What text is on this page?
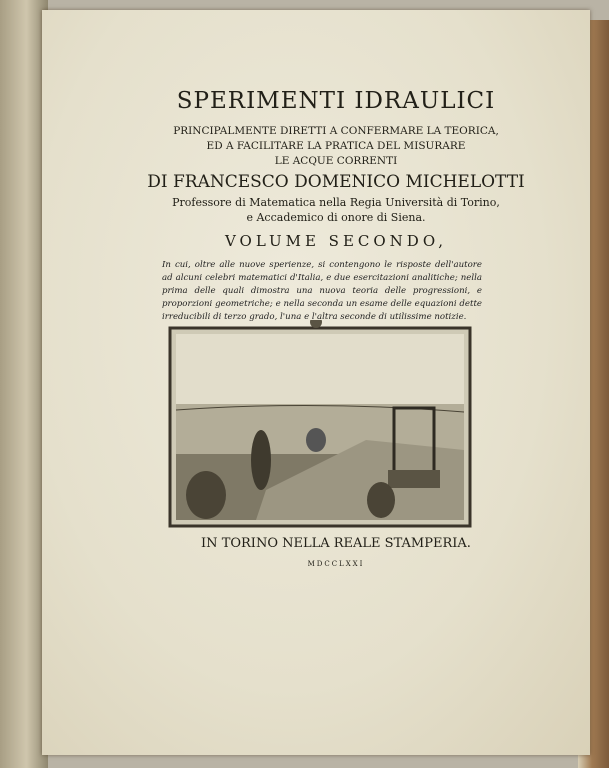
SPERIMENTI IDRAULICI

PRINCIPALMENTE DIRETTI A CONFERMARE LA TEORICA,

ED A FACILITARE LA PRATICA DEL MISURARE

LE ACQUE CORRENTI

DI FRANCESCO DOMENICO MICHELOTTI

Professore di Matematica nella Regia Università di Torino,

e Accademico di onore di Siena.

VOLUME SECONDO,

In cui, oltre alle nuove sperienze, si contengono le risposte dell'autore ad alcuni celebri matematici d'Italia, e due esercitazioni analitiche; nella prima delle quali dimostra una nuova teoria delle progressioni, e proporzioni geometriche; e nella seconda un esame delle equazioni dette irreducibili di terzo grado, l'una e l'altra seconde di utilissime notizie.

IN TORINO NELLA REALE STAMPERIA.

MDCCLXXI
